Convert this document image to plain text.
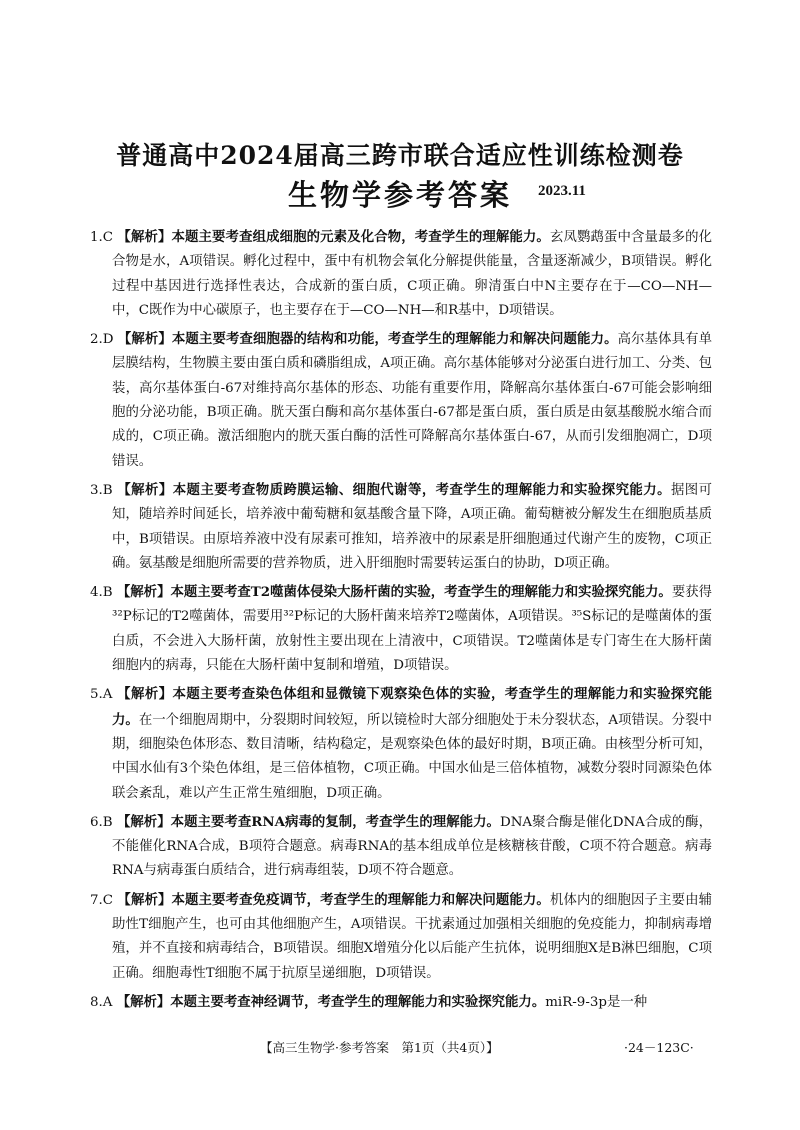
普通高中2024届高三跨市联合适应性训练检测卷
生物学参考答案	2023.11

1.C 【解析】本题主要考查组成细胞的元素及化合物，考查学生的理解能力。玄凤鹦鹉蛋中含量最多的化合物是水，A项错误。孵化过程中，蛋中有机物会氧化分解提供能量，含量逐渐减少，B项错误。孵化过程中基因进行选择性表达，合成新的蛋白质，C项正确。卵清蛋白中N主要存在于—CO—NH—中，C既作为中心碳原子，也主要存在于—CO—NH—和R基中，D项错误。

2.D 【解析】本题主要考查细胞器的结构和功能，考查学生的理解能力和解决问题能力。高尔基体具有单层膜结构，生物膜主要由蛋白质和磷脂组成，A项正确。高尔基体能够对分泌蛋白进行加工、分类、包装，高尔基体蛋白-67对维持高尔基体的形态、功能有重要作用，降解高尔基体蛋白-67可能会影响细胞的分泌功能，B项正确。胱天蛋白酶和高尔基体蛋白-67都是蛋白质，蛋白质是由氨基酸脱水缩合而成的，C项正确。激活细胞内的胱天蛋白酶的活性可降解高尔基体蛋白-67，从而引发细胞凋亡，D项错误。

3.B 【解析】本题主要考查物质跨膜运输、细胞代谢等，考查学生的理解能力和实验探究能力。据图可知，随培养时间延长，培养液中葡萄糖和氨基酸含量下降，A项正确。葡萄糖被分解发生在细胞质基质中，B项错误。由原培养液中没有尿素可推知，培养液中的尿素是肝细胞通过代谢产生的废物，C项正确。氨基酸是细胞所需要的营养物质，进入肝细胞时需要转运蛋白的协助，D项正确。

4.B 【解析】本题主要考查T2噬菌体侵染大肠杆菌的实验，考查学生的理解能力和实验探究能力。要获得³²P标记的T2噬菌体，需要用³²P标记的大肠杆菌来培养T2噬菌体，A项错误。³⁵S标记的是噬菌体的蛋白质，不会进入大肠杆菌，放射性主要出现在上清液中，C项错误。T2噬菌体是专门寄生在大肠杆菌细胞内的病毒，只能在大肠杆菌中复制和增殖，D项错误。

5.A 【解析】本题主要考查染色体组和显微镜下观察染色体的实验，考查学生的理解能力和实验探究能力。在一个细胞周期中，分裂期时间较短，所以镜检时大部分细胞处于未分裂状态，A项错误。分裂中期，细胞染色体形态、数目清晰，结构稳定，是观察染色体的最好时期，B项正确。由核型分析可知，中国水仙有3个染色体组，是三倍体植物，C项正确。中国水仙是三倍体植物，减数分裂时同源染色体联会紊乱，难以产生正常生殖细胞，D项正确。

6.B 【解析】本题主要考查RNA病毒的复制，考查学生的理解能力。DNA聚合酶是催化DNA合成的酶，不能催化RNA合成，B项符合题意。病毒RNA的基本组成单位是核糖核苷酸，C项不符合题意。病毒RNA与病毒蛋白质结合，进行病毒组装，D项不符合题意。

7.C 【解析】本题主要考查免疫调节，考查学生的理解能力和解决问题能力。机体内的细胞因子主要由辅助性T细胞产生，也可由其他细胞产生，A项错误。干扰素通过加强相关细胞的免疫能力，抑制病毒增殖，并不直接和病毒结合，B项错误。细胞X增殖分化以后能产生抗体，说明细胞X是B淋巴细胞，C项正确。细胞毒性T细胞不属于抗原呈递细胞，D项错误。

8.A 【解析】本题主要考查神经调节，考查学生的理解能力和实验探究能力。miR-9-3p是一种

【高三生物学·参考答案　第1页（共4页）】	·24－123C·
